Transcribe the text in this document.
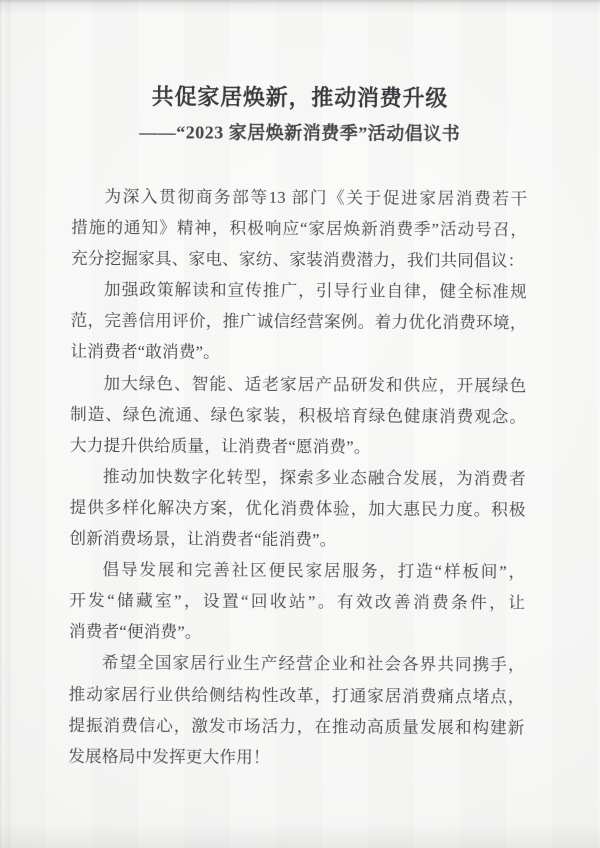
共促家居焕新，推动消费升级
——“2023 家居焕新消费季”活动倡议书
为深入贯彻商务部等13 部门《关于促进家居消费若干
措施的通知》精神，积极响应“家居焕新消费季”活动号召，
充分挖掘家具、家电、家纺、家装消费潜力，我们共同倡议：
加强政策解读和宣传推广，引导行业自律，健全标准规
范，完善信用评价，推广诚信经营案例。着力优化消费环境，
让消费者“敢消费”。
加大绿色、智能、适老家居产品研发和供应，开展绿色
制造、绿色流通、绿色家装，积极培育绿色健康消费观念。
大力提升供给质量，让消费者“愿消费”。
推动加快数字化转型，探索多业态融合发展，为消费者
提供多样化解决方案，优化消费体验，加大惠民力度。积极
创新消费场景，让消费者“能消费”。
倡导发展和完善社区便民家居服务，打造“样板间”，
开发“储藏室”，设置“回收站”。有效改善消费条件，让
消费者“便消费”。
希望全国家居行业生产经营企业和社会各界共同携手，
推动家居行业供给侧结构性改革，打通家居消费痛点堵点，
提振消费信心，激发市场活力，在推动高质量发展和构建新
发展格局中发挥更大作用！
